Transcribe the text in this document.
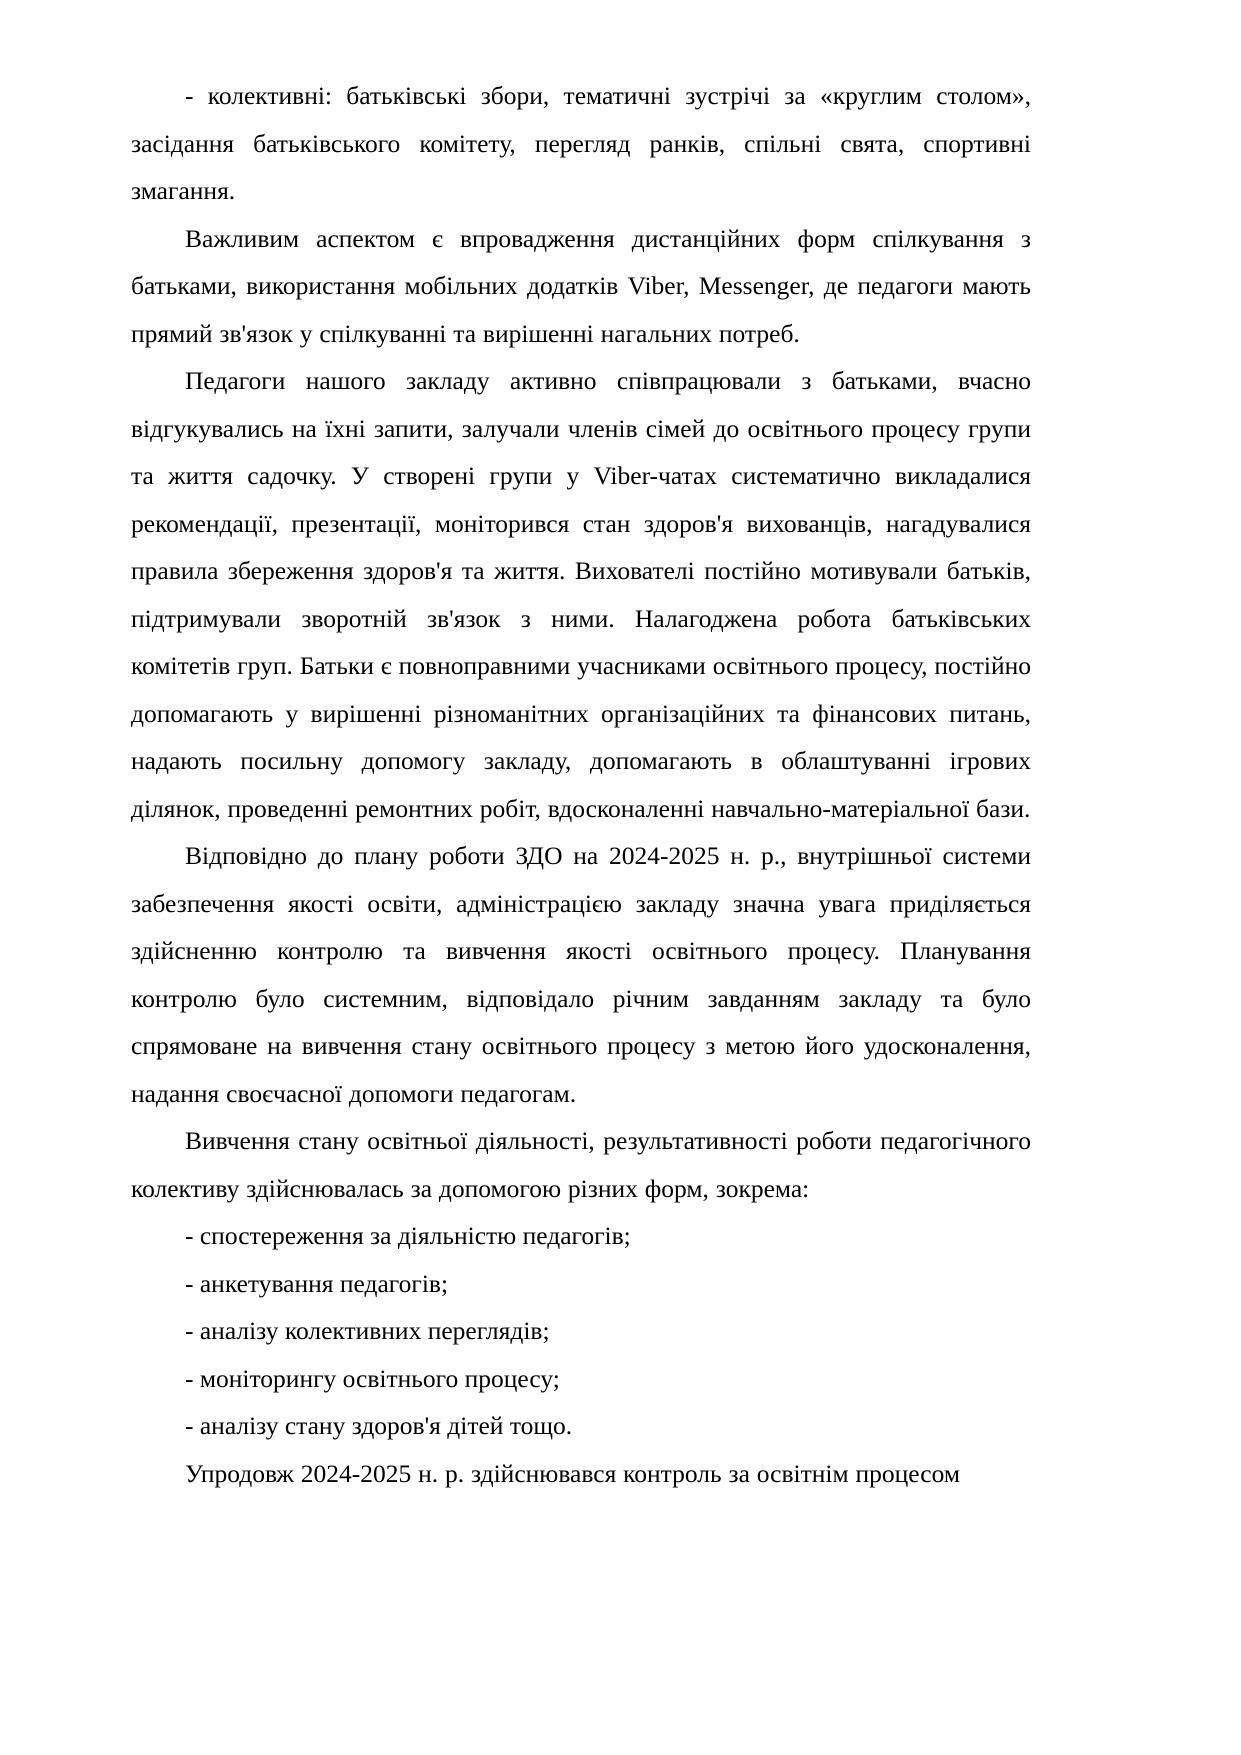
- колективні: батьківські збори, тематичні зустрічі за «круглим столом», засідання батьківського комітету, перегляд ранків, спільні свята, спортивні змагання.

Важливим аспектом є впровадження дистанційних форм спілкування з батьками, використання мобільних додатків Viber, Messenger, де педагоги мають прямий зв'язок у спілкуванні та вирішенні нагальних потреб.

Педагоги нашого закладу активно співпрацювали з батьками, вчасно відгукувались на їхні запити, залучали членів сімей до освітнього процесу групи та життя садочку. У створені групи у Viber-чатах систематично викладалися рекомендації, презентації, моніторився стан здоров'я вихованців, нагадувалися правила збереження здоров'я та життя. Вихователі постійно мотивували батьків, підтримували зворотній зв'язок з ними. Налагоджена робота батьківських комітетів груп. Батьки є повноправними учасниками освітнього процесу, постійно допомагають у вирішенні різноманітних організаційних та фінансових питань, надають посильну допомогу закладу, допомагають в облаштуванні ігрових ділянок, проведенні ремонтних робіт, вдосконаленні навчально-матеріальної бази.

Відповідно до плану роботи ЗДО на 2024-2025 н. р., внутрішньої системи забезпечення якості освіти, адміністрацією закладу значна увага приділяється здійсненню контролю та вивчення якості освітнього процесу. Планування контролю було системним, відповідало річним завданням закладу та було спрямоване на вивчення стану освітнього процесу з метою його удосконалення, надання своєчасної допомоги педагогам.

Вивчення стану освітньої діяльності, результативності роботи педагогічного колективу здійснювалась за допомогою різних форм, зокрема:

- спостереження за діяльністю педагогів;

- анкетування педагогів;

- аналізу колективних переглядів;

- моніторингу освітнього процесу;

- аналізу стану здоров'я дітей тощо.

Упродовж 2024-2025 н. р. здійснювався контроль за освітнім процесом
